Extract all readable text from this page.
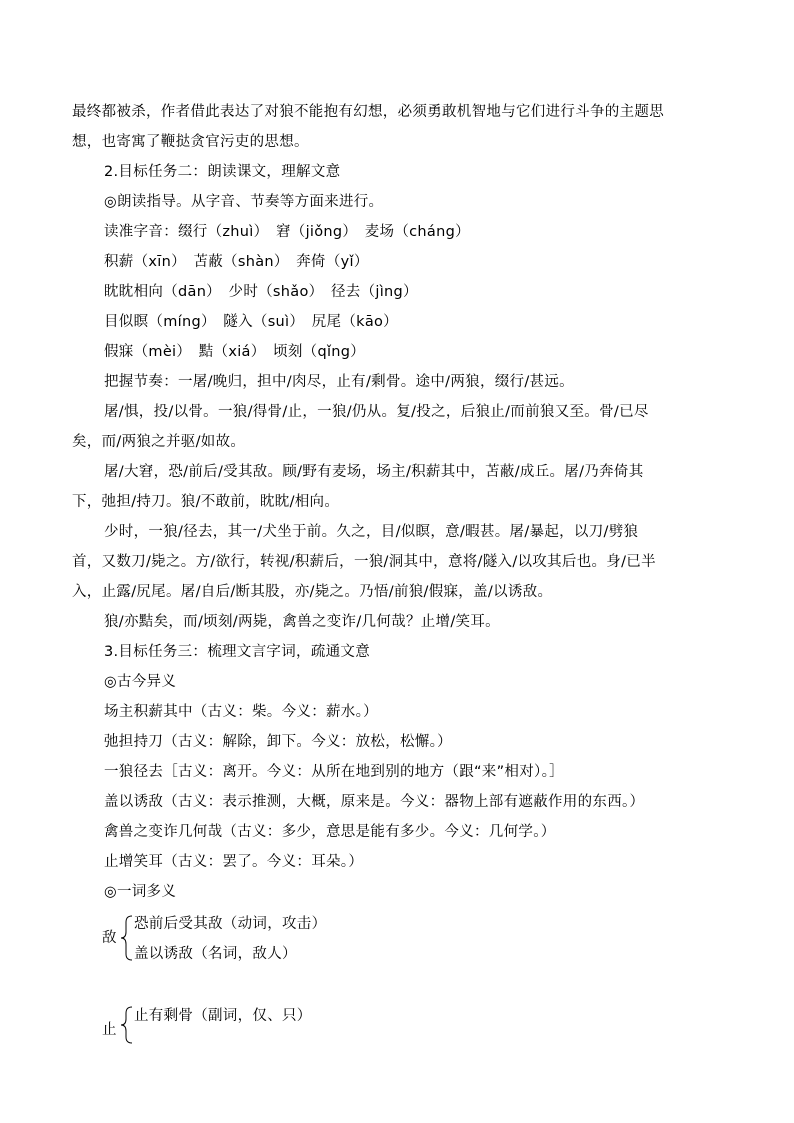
最终都被杀，作者借此表达了对狼不能抱有幻想，必须勇敢机智地与它们进行斗争的主题思
想，也寄寓了鞭挞贪官污吏的思想。
2.目标任务二：朗读课文，理解文意
◎朗读指导。从字音、节奏等方面来进行。
读准字音：缀行（zhuì）　窘（jiǒng）　麦场（cháng）
积薪（xīn）　苫蔽（shàn）　奔倚（yǐ）
眈眈相向（dān）　少时（shǎo）　径去（jìng）
目似瞑（míng）　隧入（suì）　尻尾（kāo）
假寐（mèi）　黠（xiá）　顷刻（qǐng）
把握节奏：一屠/晚归，担中/肉尽，止有/剩骨。途中/两狼，缀行/甚远。
屠/惧，投/以骨。一狼/得骨/止，一狼/仍从。复/投之，后狼止/而前狼又至。骨/已尽
矣，而/两狼之并驱/如故。
屠/大窘，恐/前后/受其敌。顾/野有麦场，场主/积薪其中，苫蔽/成丘。屠/乃奔倚其
下，弛担/持刀。狼/不敢前，眈眈/相向。
少时，一狼/径去，其一/犬坐于前。久之，目/似瞑，意/暇甚。屠/暴起，以刀/劈狼
首，又数刀/毙之。方/欲行，转视/积薪后，一狼/洞其中，意将/隧入/以攻其后也。身/已半
入，止露/尻尾。屠/自后/断其股，亦/毙之。乃悟/前狼/假寐，盖/以诱敌。
狼/亦黠矣，而/顷刻/两毙，禽兽之变诈/几何哉？止增/笑耳。
3.目标任务三：梳理文言字词，疏通文意
◎古今异义
场主积薪其中（古义：柴。今义：薪水。）
弛担持刀（古义：解除，卸下。今义：放松，松懈。）
一狼径去［古义：离开。今义：从所在地到别的地方（跟“来”相对）。］
盖以诱敌（古义：表示推测，大概，原来是。今义：器物上部有遮蔽作用的东西。）
禽兽之变诈几何哉（古义：多少，意思是能有多少。今义：几何学。）
止增笑耳（古义：罢了。今义：耳朵。）
◎一词多义
敌
恐前后受其敌（动词，攻击）
盖以诱敌（名词，敌人）
止
止有剩骨（副词，仅、只）
